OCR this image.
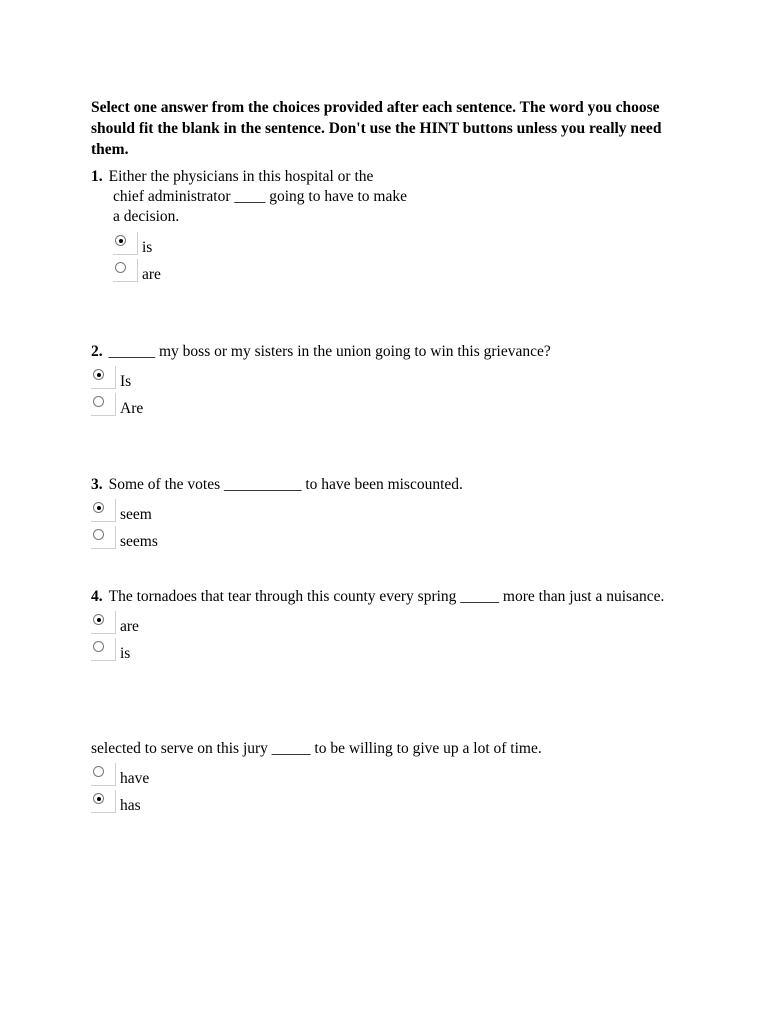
Select one answer from the choices provided after each sentence. The word you choose should fit the blank in the sentence. Don't use the HINT buttons unless you really need them.
1. Either the physicians in this hospital or the
chief administrator ____ going to have to make
a decision.
is
are
2. ______ my boss or my sisters in the union going to win this grievance?
Is
Are
3. Some of the votes __________ to have been miscounted.
seem
seems
4. The tornadoes that tear through this county every spring _____ more than just a nuisance.
are
is
selected to serve on this jury _____ to be willing to give up a lot of time.
have
has
